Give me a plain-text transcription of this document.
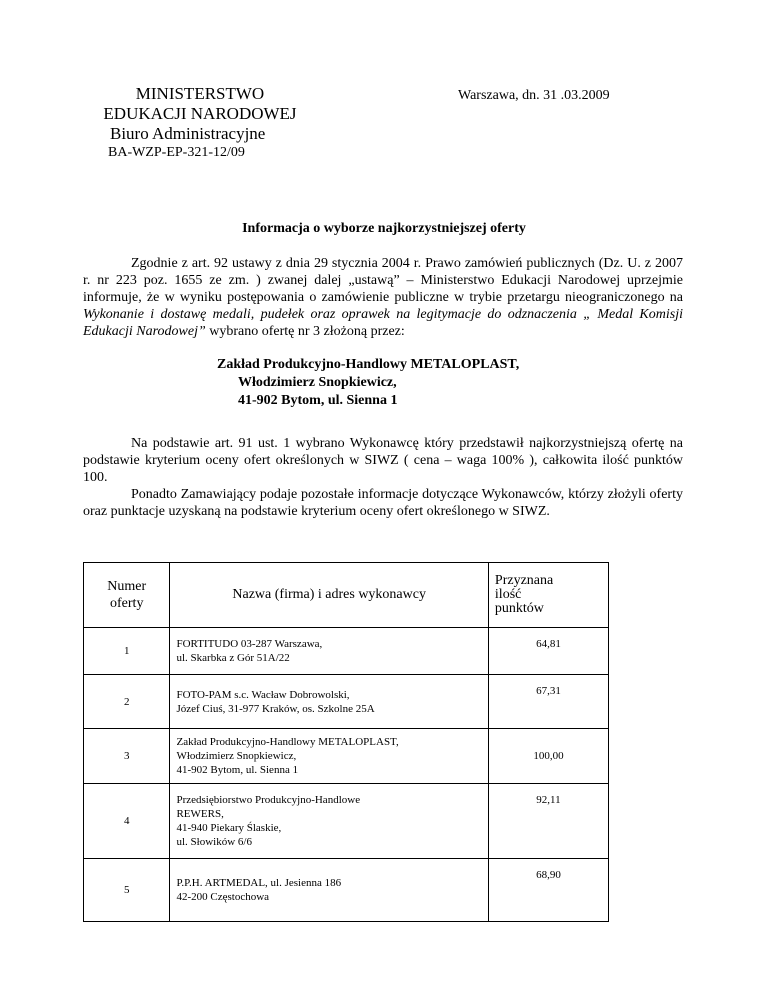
MINISTERSTWO
EDUKACJI NARODOWEJ
Biuro Administracyjne
BA-WZP-EP-321-12/09
Warszawa, dn. 31 .03.2009
Informacja o wyborze najkorzystniejszej oferty
Zgodnie z art. 92 ustawy z dnia 29 stycznia 2004 r. Prawo zamówień publicznych (Dz. U. z 2007 r. nr 223 poz. 1655 ze zm. ) zwanej dalej „ustawą” – Ministerstwo Edukacji Narodowej uprzejmie informuje, że w wyniku postępowania o zamówienie publiczne w trybie przetargu nieograniczonego na Wykonanie i dostawę medali, pudełek oraz oprawek na legitymacje do odznaczenia „ Medal Komisji Edukacji Narodowej” wybrano ofertę nr 3 złożoną przez:
Zakład Produkcyjno-Handlowy METALOPLAST,
Włodzimierz Snopkiewicz,
41-902 Bytom, ul. Sienna 1
Na podstawie art. 91 ust. 1 wybrano Wykonawcę który przedstawił najkorzystniejszą ofertę na podstawie kryterium oceny ofert określonych w SIWZ ( cena – waga 100% ), całkowita ilość punktów 100.
Ponadto Zamawiający podaje pozostałe informacje dotyczące Wykonawców, którzy złożyli oferty oraz punktacje uzyskaną na podstawie kryterium oceny ofert określonego w SIWZ.
Numer
oferty	Nazwa (firma) i adres wykonawcy	Przyznana
ilość
punktów
1	FORTITUDO 03-287 Warszawa,
ul. Skarbka z Gór 51A/22	64,81
2	FOTO-PAM s.c. Wacław Dobrowolski,
Józef Ciuś, 31-977 Kraków, os. Szkolne 25A	67,31
3	Zakład Produkcyjno-Handlowy METALOPLAST,
Włodzimierz Snopkiewicz,
41-902 Bytom, ul. Sienna 1	100,00
4	Przedsiębiorstwo Produkcyjno-Handlowe
REWERS,
41-940 Piekary Ślaskie,
ul. Słowików 6/6	92,11
5	P.P.H. ARTMEDAL, ul. Jesienna 186
42-200 Częstochowa	68,90
